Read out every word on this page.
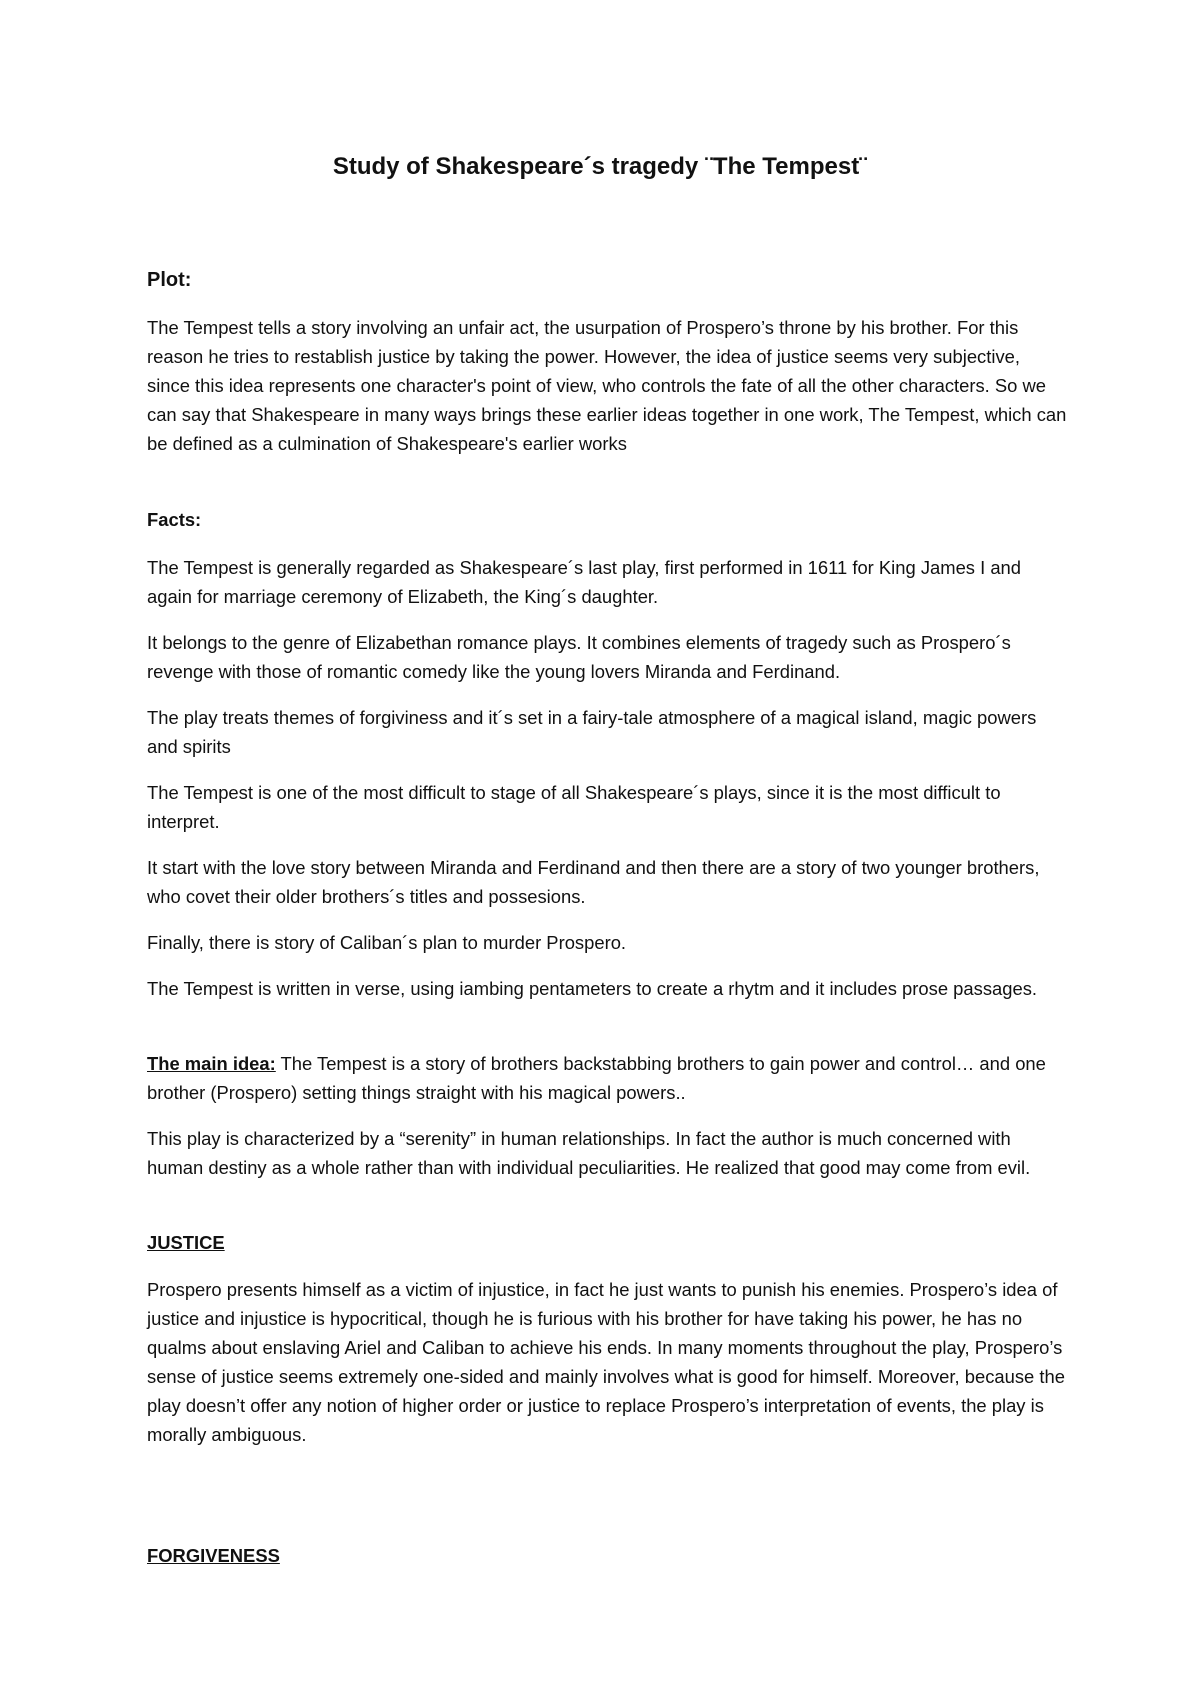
Study of Shakespeare´s tragedy ¨The Tempest¨

Plot:

The Tempest tells a story involving an unfair act, the usurpation of Prospero’s throne by his brother. For this reason he tries to restablish justice by taking the power. However, the idea of justice seems very subjective, since this idea represents one character's point of view, who controls the fate of all the other characters. So we can say that Shakespeare in many ways brings these earlier ideas together in one work, The Tempest, which can be defined as a culmination of Shakespeare's earlier works

Facts:

The Tempest is generally regarded as Shakespeare´s last play, first performed in 1611 for King James I and again for marriage ceremony of Elizabeth, the King´s daughter.

It belongs to the genre of Elizabethan romance plays. It combines elements of tragedy such as Prospero´s revenge with those of romantic comedy like the young lovers Miranda and Ferdinand.

The play treats themes of forgiviness and it´s set in a fairy-tale atmosphere of a magical island, magic powers and spirits

The Tempest is one of the most difficult to stage of all Shakespeare´s plays, since it is the most difficult to interpret.

It start with the love story between Miranda and Ferdinand and then there are a story of two younger brothers, who covet their older brothers´s titles and possesions.

Finally, there is story of Caliban´s plan to murder Prospero.

The Tempest is written in verse, using iambing pentameters to create a rhytm and it includes prose passages.

The main idea: The Tempest is a story of brothers backstabbing brothers to gain power and control… and one brother (Prospero) setting things straight with his magical powers..

This play is characterized by a “serenity” in human relationships. In fact the author is much concerned with human destiny as a whole rather than with individual peculiarities. He realized that good may come from evil.

JUSTICE

Prospero presents himself as a victim of injustice, in fact he just wants to punish his enemies. Prospero’s idea of justice and injustice is hypocritical, though he is furious with his brother for have taking his power, he has no qualms about enslaving Ariel and Caliban to achieve his ends. In many moments throughout the play, Prospero’s sense of justice seems extremely one-sided and mainly involves what is good for himself. Moreover, because the play doesn’t offer any notion of higher order or justice to replace Prospero’s interpretation of events, the play is morally ambiguous.

FORGIVENESS
